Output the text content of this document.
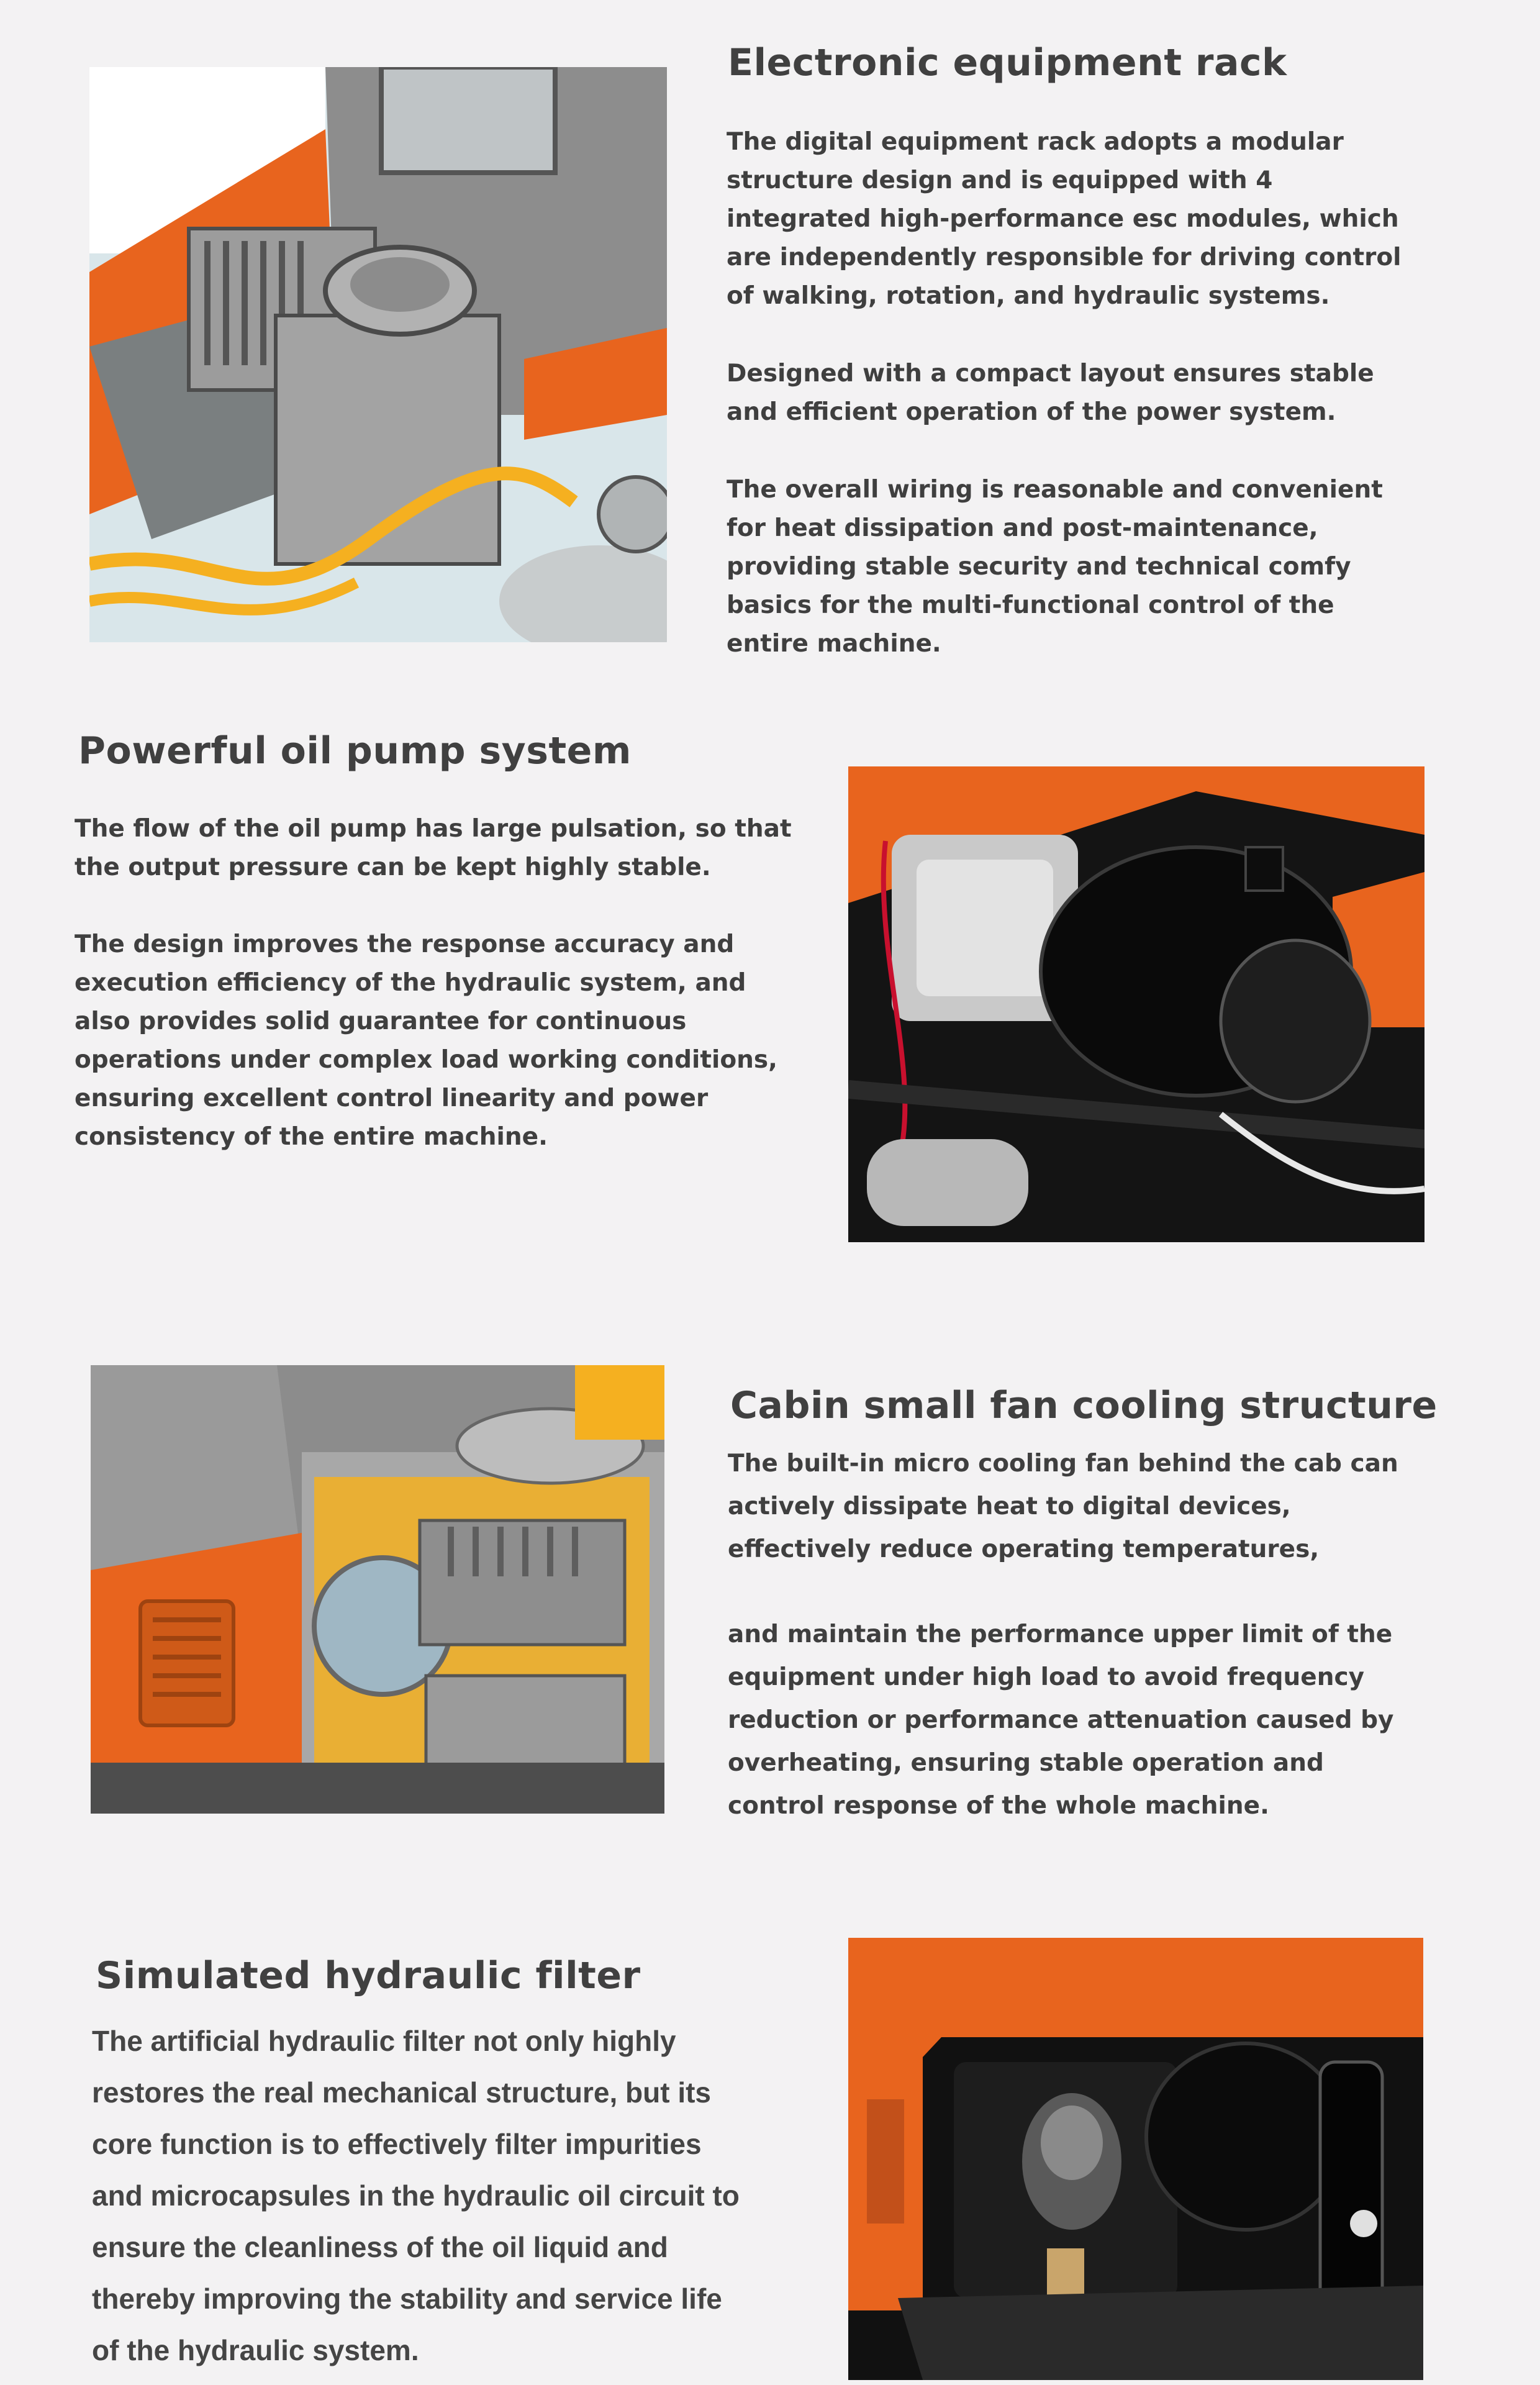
Electronic equipment rack

The digital equipment rack adopts a modular structure design and is equipped with 4 integrated high-performance esc modules, which are independently responsible for driving control of walking, rotation, and hydraulic systems.

Designed with a compact layout ensures stable and efficient operation of the power system.

The overall wiring is reasonable and convenient for heat dissipation and post-maintenance, providing stable security and technical comfy basics for the multi-functional control of the entire machine.

Powerful oil pump system

The flow of the oil pump has large pulsation, so that the output pressure can be kept highly stable.

The design improves the response accuracy and execution efficiency of the hydraulic system, and also provides solid guarantee for continuous operations under complex load working conditions, ensuring excellent control linearity and power consistency of the entire machine.

Cabin small fan cooling structure

The built-in micro cooling fan behind the cab can actively dissipate heat to digital devices, effectively reduce operating temperatures,

and maintain the performance upper limit of the equipment under high load to avoid frequency reduction or performance attenuation caused by overheating, ensuring stable operation and control response of the whole machine.

Simulated hydraulic filter

The artificial hydraulic filter not only highly restores the real mechanical structure, but its core function is to effectively filter impurities and microcapsules in the hydraulic oil circuit to ensure the cleanliness of the oil liquid and thereby improving the stability and service life of the hydraulic system.
